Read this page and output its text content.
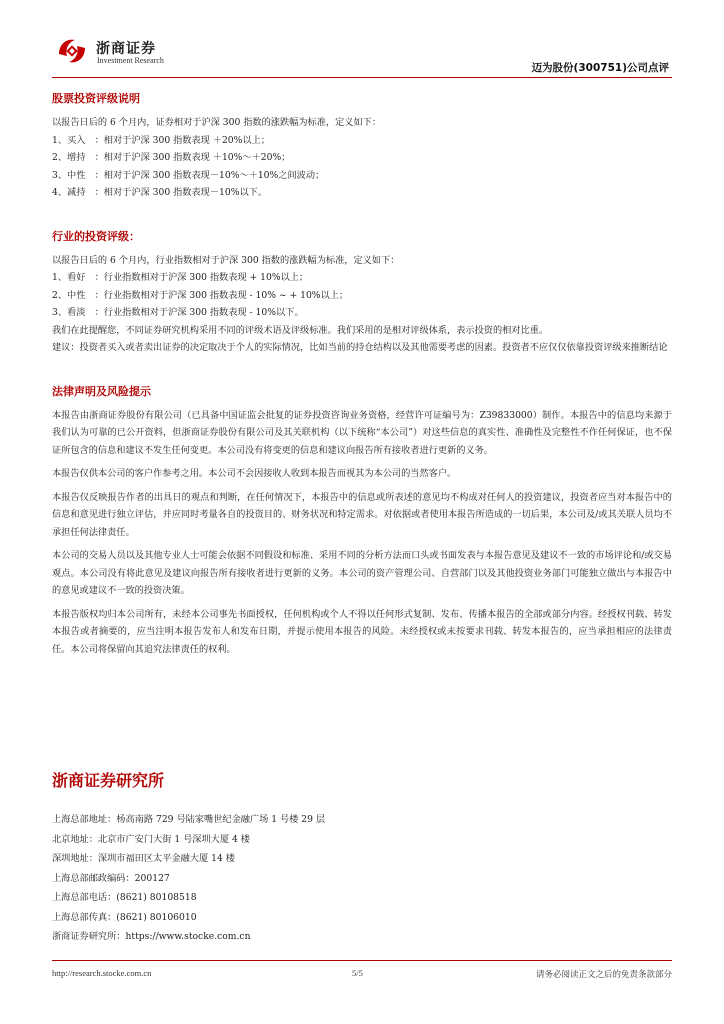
浙商证券
Investment Research
迈为股份(300751)公司点评
股票投资评级说明
以报告日后的 6 个月内，证券相对于沪深 300 指数的涨跌幅为标准，定义如下：
1、买入　：相对于沪深 300 指数表现 ＋20%以上；
2、增持　：相对于沪深 300 指数表现 ＋10%～＋20%；
3、中性　：相对于沪深 300 指数表现－10%～＋10%之间波动；
4、减持　：相对于沪深 300 指数表现－10%以下。
行业的投资评级：
以报告日后的 6 个月内，行业指数相对于沪深 300 指数的涨跌幅为标准，定义如下：
1、看好　：行业指数相对于沪深 300 指数表现 + 10%以上；
2、中性　：行业指数相对于沪深 300 指数表现 - 10% ~ + 10%以上；
3、看淡　：行业指数相对于沪深 300 指数表现 - 10%以下。

我们在此提醒您，不同证券研究机构采用不同的评级术语及评级标准。我们采用的是相对评级体系，表示投资的相对比重。

建议：投资者买入或者卖出证券的决定取决于个人的实际情况，比如当前的持仓结构以及其他需要考虑的因素。投资者不应仅仅依靠投资评级来推断结论

法律声明及风险提示

本报告由浙商证券股份有限公司（已具备中国证监会批复的证券投资咨询业务资格，经营许可证编号为：Z39833000）制作。本报告中的信息均来源于我们认为可靠的已公开资料，但浙商证券股份有限公司及其关联机构（以下统称“本公司”）对这些信息的真实性、准确性及完整性不作任何保证，也不保证所包含的信息和建议不发生任何变更。本公司没有将变更的信息和建议向报告所有接收者进行更新的义务。

本报告仅供本公司的客户作参考之用。本公司不会因接收人收到本报告而视其为本公司的当然客户。

本报告仅反映报告作者的出具日的观点和判断，在任何情况下，本报告中的信息或所表述的意见均不构成对任何人的投资建议，投资者应当对本报告中的信息和意见进行独立评估，并应同时考量各自的投资目的、财务状况和特定需求。对依据或者使用本报告所造成的一切后果，本公司及/或其关联人员均不承担任何法律责任。

本公司的交易人员以及其他专业人士可能会依据不同假设和标准、采用不同的分析方法而口头或书面发表与本报告意见及建议不一致的市场评论和/或交易观点。本公司没有将此意见及建议向报告所有接收者进行更新的义务。本公司的资产管理公司、自营部门以及其他投资业务部门可能独立做出与本报告中的意见或建议不一致的投资决策。

本报告版权均归本公司所有，未经本公司事先书面授权，任何机构或个人不得以任何形式复制、发布、传播本报告的全部或部分内容。经授权刊载、转发本报告或者摘要的，应当注明本报告发布人和发布日期，并提示使用本报告的风险。未经授权或未按要求刊载、转发本报告的，应当承担相应的法律责任。本公司将保留向其追究法律责任的权利。

浙商证券研究所
上海总部地址：杨高南路 729 号陆家嘴世纪金融广场 1 号楼 29 层
北京地址：北京市广安门大街 1 号深圳大厦 4 楼
深圳地址：深圳市福田区太平金融大厦 14 楼
上海总部邮政编码：200127
上海总部电话：(8621) 80108518
上海总部传真：(8621) 80106010
浙商证券研究所：https://www.stocke.com.cn
http://research.stocke.com.cn	5/5	请务必阅读正文之后的免责条款部分
